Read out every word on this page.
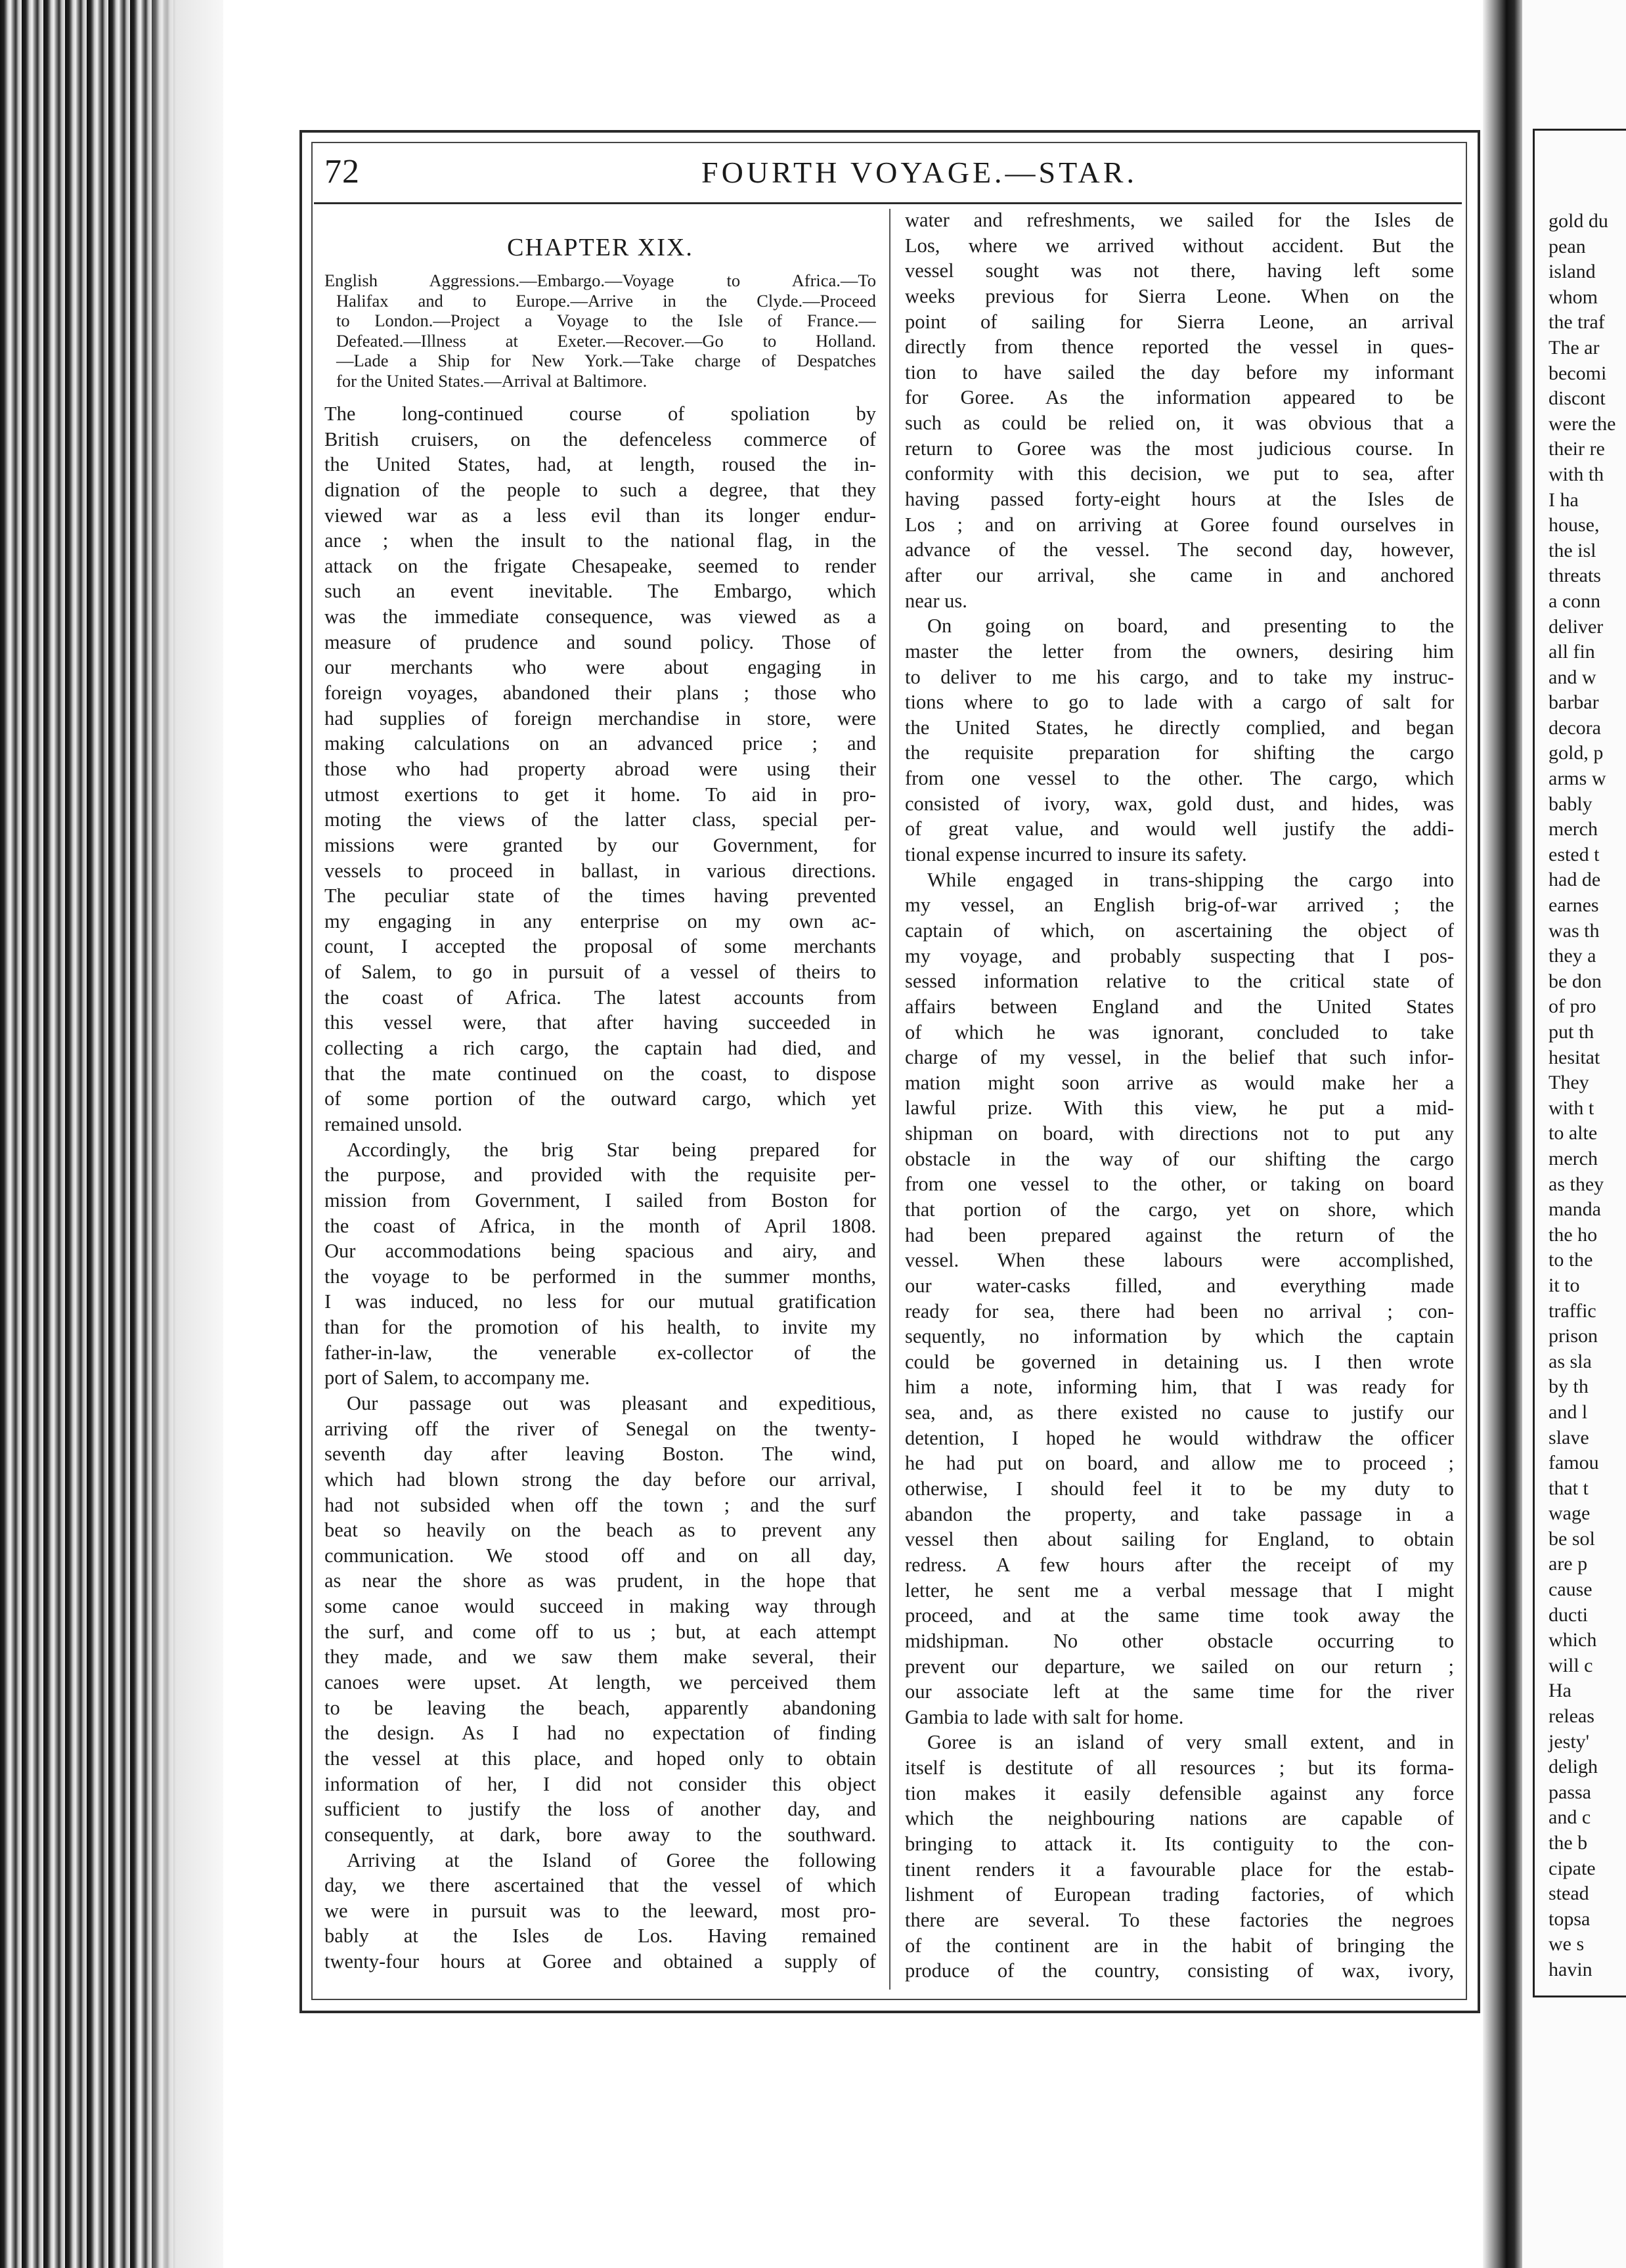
gold du
pean
island
whom
the traf
The ar
becomi
discont
were the
their re
with th
I ha
house,
the isl
threats
a conn
deliver
all fin
and w
barbar
decora
gold, p
arms w
bably
merch
ested t
had de
earnes
was th
they a
be don
of pro
put th
hesitat
They
with t
to alte
merch
as they
manda
the ho
to the
it to
traffic
prison
as sla
by th
and l
slave
famou
that t
wage
be sol
are p
cause
ducti
which
will c
Ha
releas
jesty'
deligh
passa
and c
the b
cipate
stead
topsa
we s
havin
72	FOURTH VOYAGE.—STAR.
CHAPTER XIX.
English Aggressions.—Embargo.—Voyage to Africa.—To
Halifax and to Europe.—Arrive in the Clyde.—Proceed
to London.—Project a Voyage to the Isle of France.—
Defeated.—Illness at Exeter.—Recover.—Go to Holland.
—Lade a Ship for New York.—Take charge of Despatches
for the United States.—Arrival at Baltimore.
The long-continued course of spoliation by
British cruisers, on the defenceless commerce of
the United States, had, at length, roused the in-
dignation of the people to such a degree, that they
viewed war as a less evil than its longer endur-
ance ; when the insult to the national flag, in the
attack on the frigate Chesapeake, seemed to render
such an event inevitable. The Embargo, which
was the immediate consequence, was viewed as a
measure of prudence and sound policy. Those of
our merchants who were about engaging in
foreign voyages, abandoned their plans ; those who
had supplies of foreign merchandise in store, were
making calculations on an advanced price ; and
those who had property abroad were using their
utmost exertions to get it home. To aid in pro-
moting the views of the latter class, special per-
missions were granted by our Government, for
vessels to proceed in ballast, in various directions.
The peculiar state of the times having prevented
my engaging in any enterprise on my own ac-
count, I accepted the proposal of some merchants
of Salem, to go in pursuit of a vessel of theirs to
the coast of Africa. The latest accounts from
this vessel were, that after having succeeded in
collecting a rich cargo, the captain had died, and
that the mate continued on the coast, to dispose
of some portion of the outward cargo, which yet
remained unsold.
Accordingly, the brig Star being prepared for
the purpose, and provided with the requisite per-
mission from Government, I sailed from Boston for
the coast of Africa, in the month of April 1808.
Our accommodations being spacious and airy, and
the voyage to be performed in the summer months,
I was induced, no less for our mutual gratification
than for the promotion of his health, to invite my
father-in-law, the venerable ex-collector of the
port of Salem, to accompany me.
Our passage out was pleasant and expeditious,
arriving off the river of Senegal on the twenty-
seventh day after leaving Boston. The wind,
which had blown strong the day before our arrival,
had not subsided when off the town ; and the surf
beat so heavily on the beach as to prevent any
communication. We stood off and on all day,
as near the shore as was prudent, in the hope that
some canoe would succeed in making way through
the surf, and come off to us ; but, at each attempt
they made, and we saw them make several, their
canoes were upset. At length, we perceived them
to be leaving the beach, apparently abandoning
the design. As I had no expectation of finding
the vessel at this place, and hoped only to obtain
information of her, I did not consider this object
sufficient to justify the loss of another day, and
consequently, at dark, bore away to the southward.
Arriving at the Island of Goree the following
day, we there ascertained that the vessel of which
we were in pursuit was to the leeward, most pro-
bably at the Isles de Los. Having remained
twenty-four hours at Goree and obtained a supply of
water and refreshments, we sailed for the Isles de
Los, where we arrived without accident. But the
vessel sought was not there, having left some
weeks previous for Sierra Leone. When on the
point of sailing for Sierra Leone, an arrival
directly from thence reported the vessel in ques-
tion to have sailed the day before my informant
for Goree. As the information appeared to be
such as could be relied on, it was obvious that a
return to Goree was the most judicious course. In
conformity with this decision, we put to sea, after
having passed forty-eight hours at the Isles de
Los ; and on arriving at Goree found ourselves in
advance of the vessel. The second day, however,
after our arrival, she came in and anchored
near us.
On going on board, and presenting to the
master the letter from the owners, desiring him
to deliver to me his cargo, and to take my instruc-
tions where to go to lade with a cargo of salt for
the United States, he directly complied, and began
the requisite preparation for shifting the cargo
from one vessel to the other. The cargo, which
consisted of ivory, wax, gold dust, and hides, was
of great value, and would well justify the addi-
tional expense incurred to insure its safety.
While engaged in trans-shipping the cargo into
my vessel, an English brig-of-war arrived ; the
captain of which, on ascertaining the object of
my voyage, and probably suspecting that I pos-
sessed information relative to the critical state of
affairs between England and the United States
of which he was ignorant, concluded to take
charge of my vessel, in the belief that such infor-
mation might soon arrive as would make her a
lawful prize. With this view, he put a mid-
shipman on board, with directions not to put any
obstacle in the way of our shifting the cargo
from one vessel to the other, or taking on board
that portion of the cargo, yet on shore, which
had been prepared against the return of the
vessel. When these labours were accomplished,
our water-casks filled, and everything made
ready for sea, there had been no arrival ; con-
sequently, no information by which the captain
could be governed in detaining us. I then wrote
him a note, informing him, that I was ready for
sea, and, as there existed no cause to justify our
detention, I hoped he would withdraw the officer
he had put on board, and allow me to proceed ;
otherwise, I should feel it to be my duty to
abandon the property, and take passage in a
vessel then about sailing for England, to obtain
redress. A few hours after the receipt of my
letter, he sent me a verbal message that I might
proceed, and at the same time took away the
midshipman. No other obstacle occurring to
prevent our departure, we sailed on our return ;
our associate left at the same time for the river
Gambia to lade with salt for home.
Goree is an island of very small extent, and in
itself is destitute of all resources ; but its forma-
tion makes it easily defensible against any force
which the neighbouring nations are capable of
bringing to attack it. Its contiguity to the con-
tinent renders it a favourable place for the estab-
lishment of European trading factories, of which
there are several. To these factories the negroes
of the continent are in the habit of bringing the
produce of the country, consisting of wax, ivory,
